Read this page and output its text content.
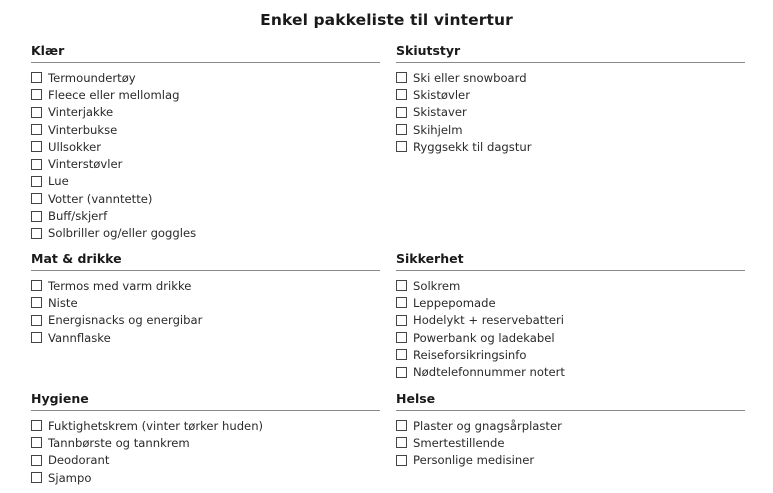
Enkel pakkeliste til vintertur
Klær
Termoundertøy
Fleece eller mellomlag
Vinterjakke
Vinterbukse
Ullsokker
Vinterstøvler
Lue
Votter (vanntette)
Buff/skjerf
Solbriller og/eller goggles
Skiutstyr
Ski eller snowboard
Skistøvler
Skistaver
Skihjelm
Ryggsekk til dagstur
Mat & drikke
Termos med varm drikke
Niste
Energisnacks og energibar
Vannflaske
Sikkerhet
Solkrem
Leppepomade
Hodelykt + reservebatteri
Powerbank og ladekabel
Reiseforsikringsinfo
Nødtelefonnummer notert
Hygiene
Fuktighetskrem (vinter tørker huden)
Tannbørste og tannkrem
Deodorant
Sjampo
Helse
Plaster og gnagsårplaster
Smertestillende
Personlige medisiner
